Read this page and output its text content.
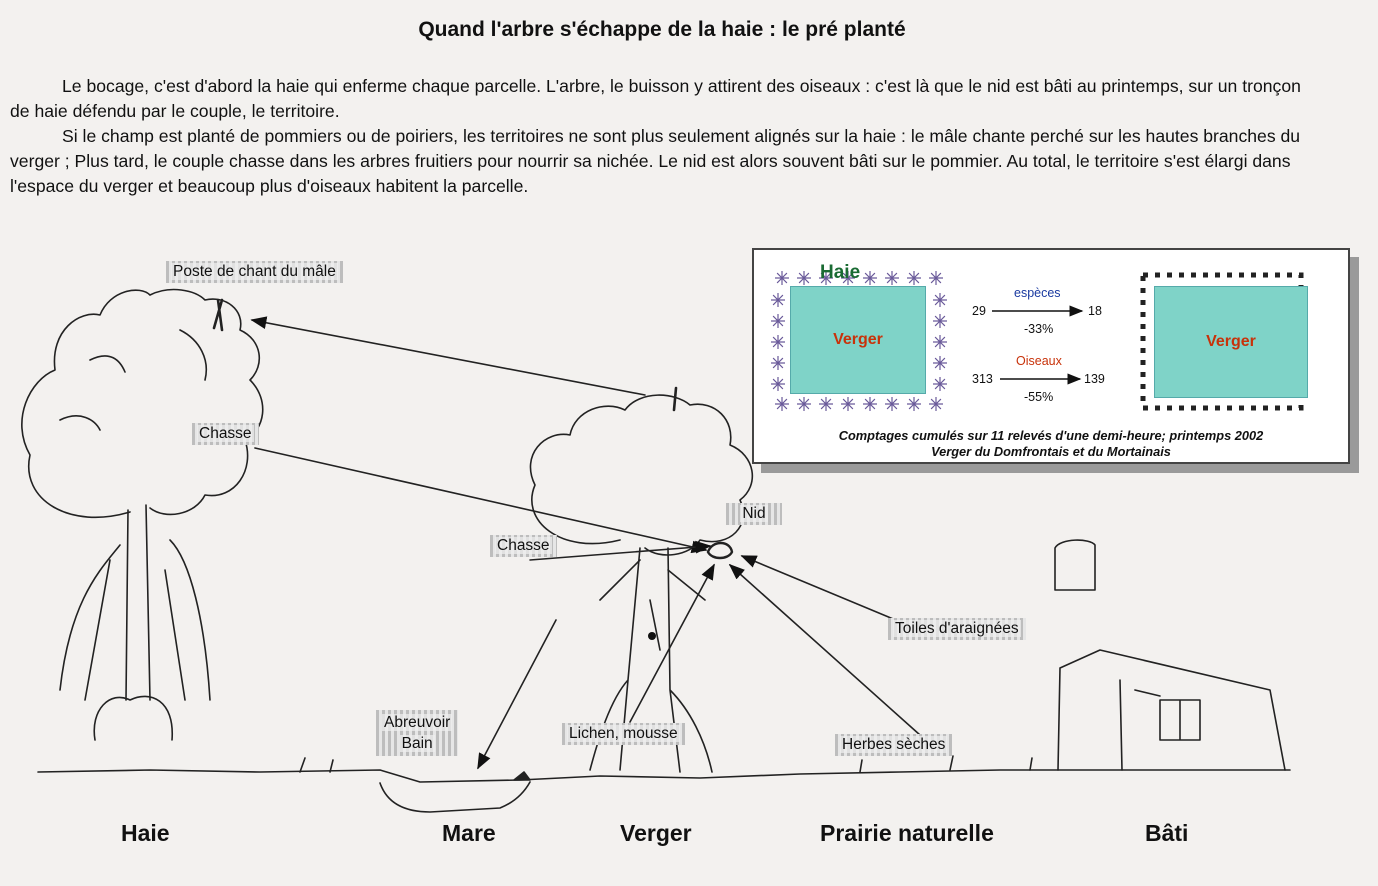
Quand l'arbre s'échappe de la haie : le pré planté

Le bocage, c'est d'abord la haie qui enferme chaque parcelle. L'arbre, le buisson y attirent des oiseaux : c'est là que le nid est bâti au printemps, sur un tronçon de haie défendu par le couple, le territoire.

Si le champ est planté de pommiers ou de poiriers, les territoires ne sont plus seulement alignés sur la haie : le mâle chante perché sur les hautes branches du verger ; Plus tard, le couple chasse dans les arbres fruitiers pour nourrir sa nichée. Le nid est alors souvent bâti sur le pommier. Au total, le territoire s'est élargi dans l'espace du verger et beaucoup plus d'oiseaux habitent la parcelle.

Poste de chant du mâle
Chasse
Chasse
Nid
Toiles d'araignées
Abreuvoir
Bain
Lichen, mousse
Herbes sèches
Haie	Mare	Verger	Prairie naturelle	Bâti
Haie
Verger	Verger
espèces
29	18
-33%
Oiseaux
313	139
-55%
Comptages cumulés sur 11 relevés d'une demi-heure; printemps 2002
Verger du Domfrontais et du Mortainais
